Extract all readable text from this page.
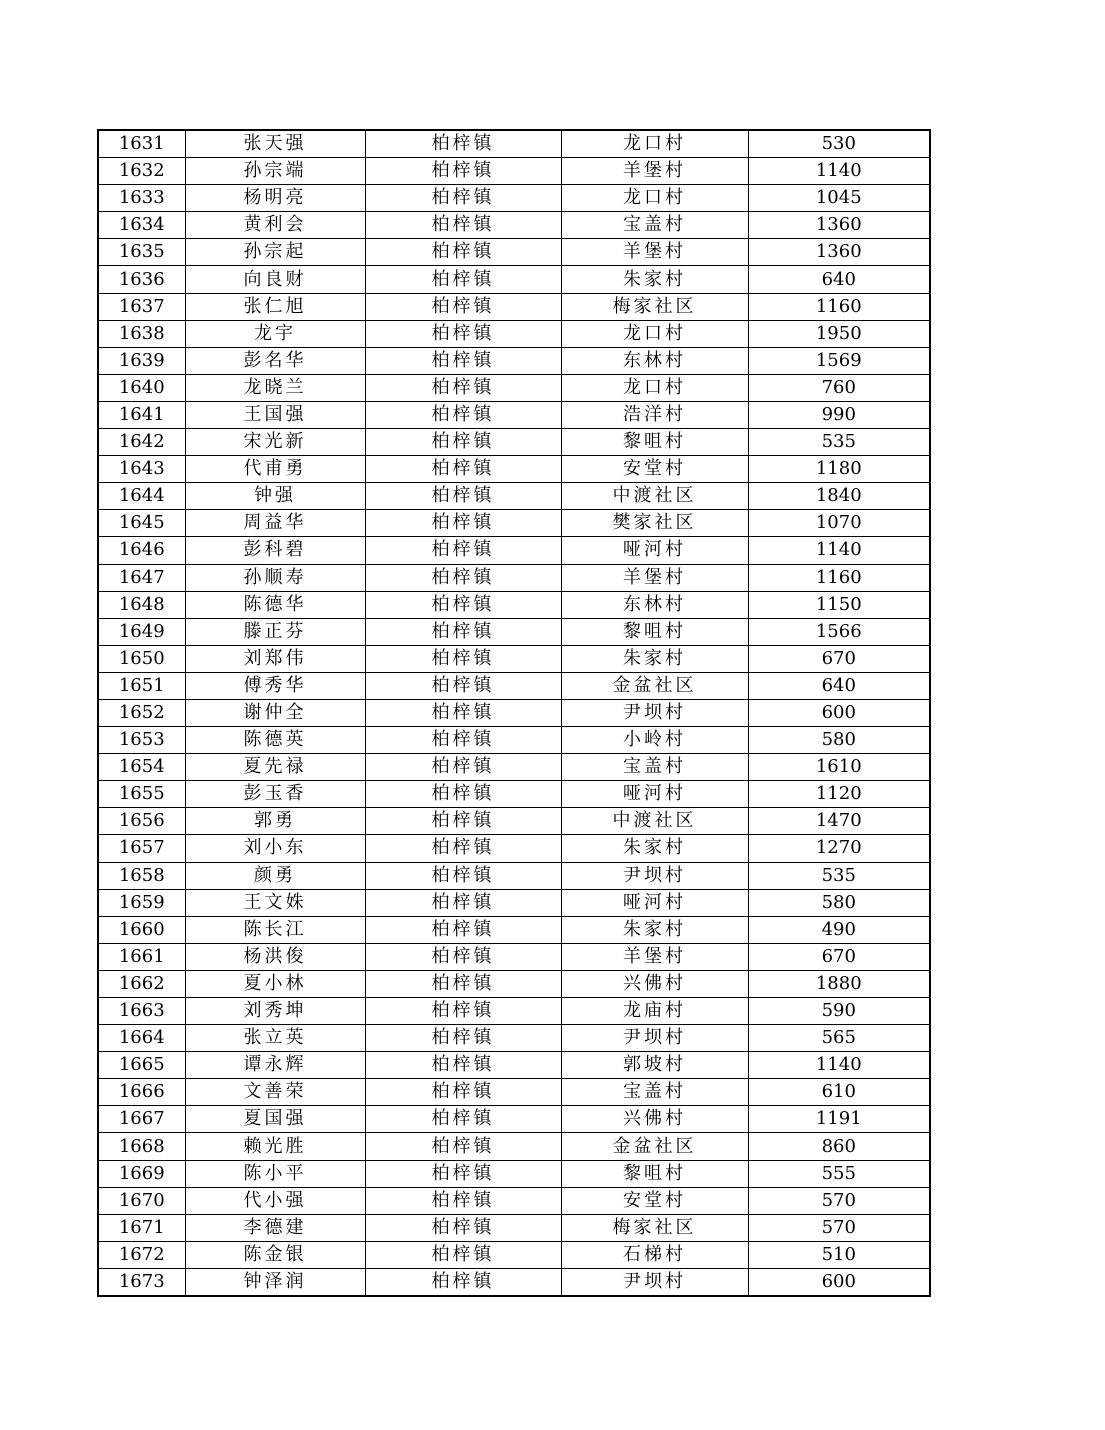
1631	张天强	柏梓镇	龙口村	530
1632	孙宗端	柏梓镇	羊堡村	1140
1633	杨明亮	柏梓镇	龙口村	1045
1634	黄利会	柏梓镇	宝盖村	1360
1635	孙宗起	柏梓镇	羊堡村	1360
1636	向良财	柏梓镇	朱家村	640
1637	张仁旭	柏梓镇	梅家社区	1160
1638	龙宇	柏梓镇	龙口村	1950
1639	彭名华	柏梓镇	东林村	1569
1640	龙晓兰	柏梓镇	龙口村	760
1641	王国强	柏梓镇	浩洋村	990
1642	宋光新	柏梓镇	黎咀村	535
1643	代甫勇	柏梓镇	安堂村	1180
1644	钟强	柏梓镇	中渡社区	1840
1645	周益华	柏梓镇	樊家社区	1070
1646	彭科碧	柏梓镇	哑河村	1140
1647	孙顺寿	柏梓镇	羊堡村	1160
1648	陈德华	柏梓镇	东林村	1150
1649	滕正芬	柏梓镇	黎咀村	1566
1650	刘郑伟	柏梓镇	朱家村	670
1651	傅秀华	柏梓镇	金盆社区	640
1652	谢仲全	柏梓镇	尹坝村	600
1653	陈德英	柏梓镇	小岭村	580
1654	夏先禄	柏梓镇	宝盖村	1610
1655	彭玉香	柏梓镇	哑河村	1120
1656	郭勇	柏梓镇	中渡社区	1470
1657	刘小东	柏梓镇	朱家村	1270
1658	颜勇	柏梓镇	尹坝村	535
1659	王文姝	柏梓镇	哑河村	580
1660	陈长江	柏梓镇	朱家村	490
1661	杨洪俊	柏梓镇	羊堡村	670
1662	夏小林	柏梓镇	兴佛村	1880
1663	刘秀坤	柏梓镇	龙庙村	590
1664	张立英	柏梓镇	尹坝村	565
1665	谭永辉	柏梓镇	郭坡村	1140
1666	文善荣	柏梓镇	宝盖村	610
1667	夏国强	柏梓镇	兴佛村	1191
1668	赖光胜	柏梓镇	金盆社区	860
1669	陈小平	柏梓镇	黎咀村	555
1670	代小强	柏梓镇	安堂村	570
1671	李德建	柏梓镇	梅家社区	570
1672	陈金银	柏梓镇	石梯村	510
1673	钟泽润	柏梓镇	尹坝村	600
